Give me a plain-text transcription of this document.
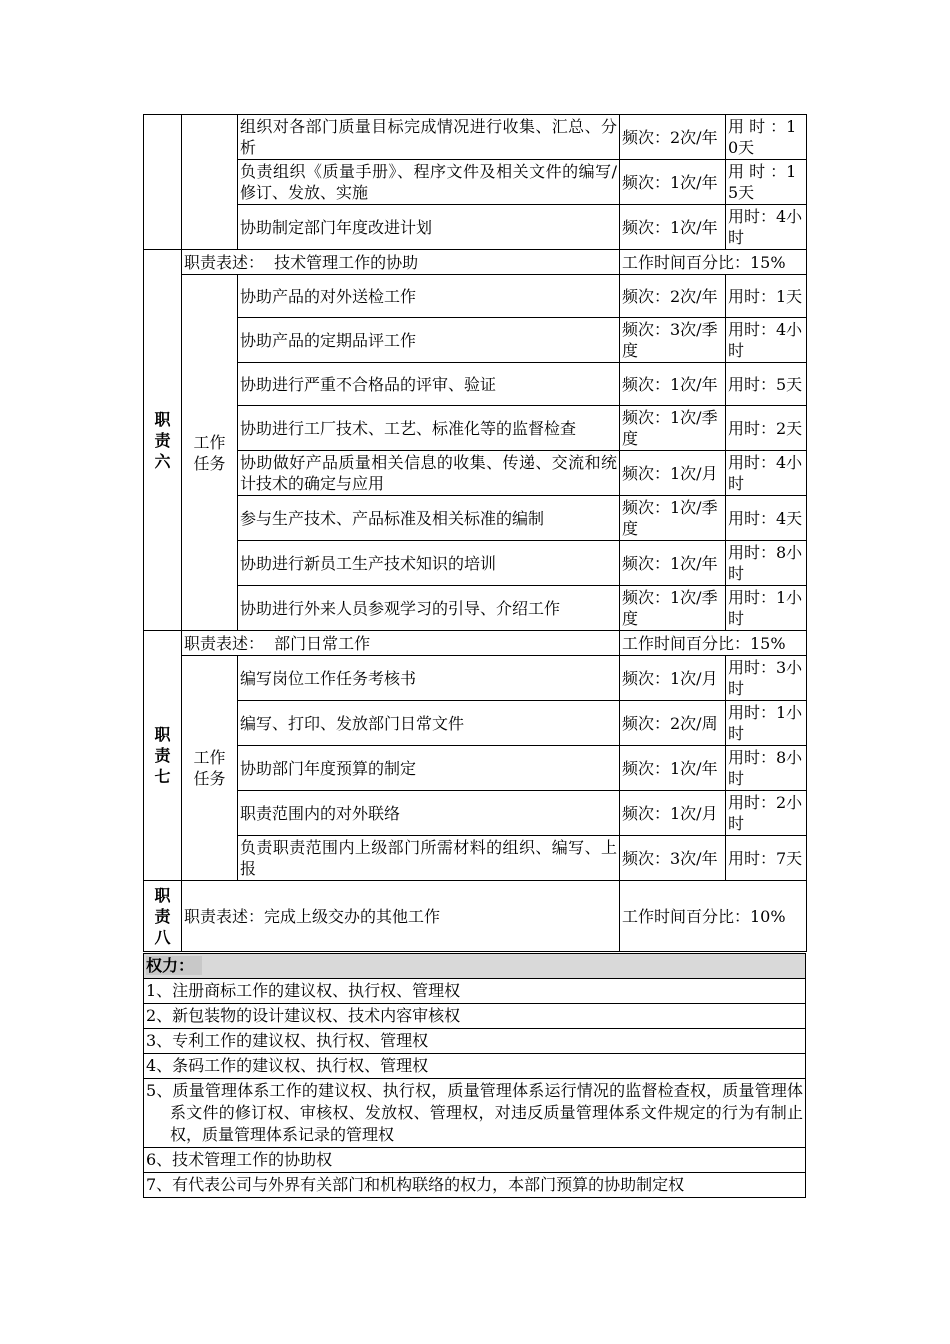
		组织对各部门质量目标完成情况进行收集、汇总、分析	频次：2次/年	用 时 ：10天
		负责组织《质量手册》、程序文件及相关文件的编写/修订、发放、实施	频次：1次/年	用 时 ：15天
		协助制定部门年度改进计划	频次：1次/年	用时：4小时
职
责
六	职责表述：  技术管理工作的协助		工作时间百分比：15%	
	工作任务	协助产品的对外送检工作	频次：2次/年	用时：1天
		协助产品的定期品评工作	频次：3次/季度	用时：4小时
		协助进行严重不合格品的评审、验证	频次：1次/年	用时：5天
		协助进行工厂技术、工艺、标准化等的监督检查	频次：1次/季度	用时：2天
		协助做好产品质量相关信息的收集、传递、交流和统计技术的确定与应用	频次：1次/月	用时：4小时
		参与生产技术、产品标准及相关标准的编制	频次：1次/季度	用时：4天
		协助进行新员工生产技术知识的培训	频次：1次/年	用时：8小时
		协助进行外来人员参观学习的引导、介绍工作	频次：1次/季度	用时：1小时
职
责
七	职责表述：  部门日常工作		工作时间百分比：15%	
	工作任务	编写岗位工作任务考核书	频次：1次/月	用时：3小时
		编写、打印、发放部门日常文件	频次：2次/周	用时：1小时
		协助部门年度预算的制定	频次：1次/年	用时：8小时
		职责范围内的对外联络	频次：1次/月	用时：2小时
		负责职责范围内上级部门所需材料的组织、编写、上报	频次：3次/年	用时：7天
职
责
八	职责表述：完成上级交办的其他工作		工作时间百分比：10%	
权力：
1、注册商标工作的建议权、执行权、管理权
2、新包装物的设计建议权、技术内容审核权
3、专利工作的建议权、执行权、管理权
4、条码工作的建议权、执行权、管理权
5、质量管理体系工作的建议权、执行权，质量管理体系运行情况的监督检查权，质量管理体系文件的修订权、审核权、发放权、管理权，对违反质量管理体系文件规定的行为有制止权，质量管理体系记录的管理权
6、技术管理工作的协助权
7、有代表公司与外界有关部门和机构联络的权力，本部门预算的协助制定权
